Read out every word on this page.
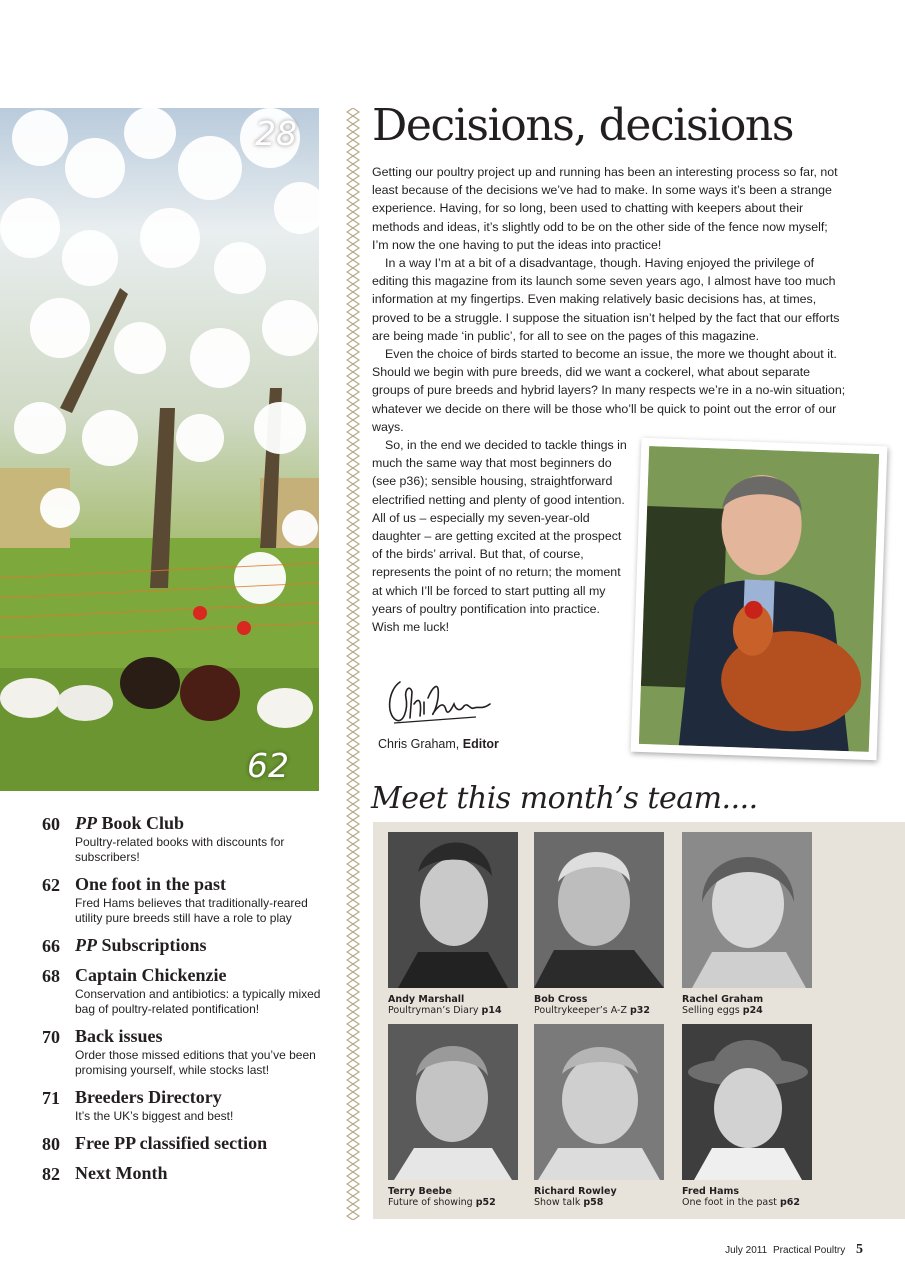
28
62
60 PP Book Club
Poultry-related books with discounts for subscribers!
62 One foot in the past
Fred Hams believes that traditionally-reared utility pure breeds still have a role to play
66 PP Subscriptions
68 Captain Chickenzie
Conservation and antibiotics: a typically mixed bag of poultry-related pontification!
70 Back issues
Order those missed editions that you’ve been promising yourself, while stocks last!
71 Breeders Directory
It’s the UK’s biggest and best!
80 Free PP classified section
82 Next Month
Decisions, decisions

Getting our poultry project up and running has been an interesting process so far, not least because of the decisions we’ve had to make. In some ways it’s been a strange experience. Having, for so long, been used to chatting with keepers about their methods and ideas, it’s slightly odd to be on the other side of the fence now myself; I’m now the one having to put the ideas into practice!

In a way I’m at a bit of a disadvantage, though. Having enjoyed the privilege of editing this magazine from its launch some seven years ago, I almost have too much information at my fingertips. Even making relatively basic decisions has, at times, proved to be a struggle. I suppose the situation isn’t helped by the fact that our efforts are being made ‘in public’, for all to see on the pages of this magazine.

Even the choice of birds started to become an issue, the more we thought about it. Should we begin with pure breeds, did we want a cockerel, what about separate groups of pure breeds and hybrid layers? In many respects we’re in a no-win situation; whatever we decide on there will be those who’ll be quick to point out the error of our ways.

So, in the end we decided to tackle things in much the same way that most beginners do (see p36); sensible housing, straightforward electrified netting and plenty of good intention. All of us – especially my seven-year-old daughter – are getting excited at the prospect of the birds’ arrival. But that, of course, represents the point of no return; the moment at which I’ll be forced to start putting all my years of poultry pontification into practice. Wish me luck!

Chris Graham, Editor
Meet this month’s team....
Andy Marshall
Poultryman’s Diary p14
Bob Cross
Poultrykeeper’s A-Z p32
Rachel Graham
Selling eggs p24
Terry Beebe
Future of showing p52
Richard Rowley
Show talk p58
Fred Hams
One foot in the past p62
July 2011 Practical Poultry 5
